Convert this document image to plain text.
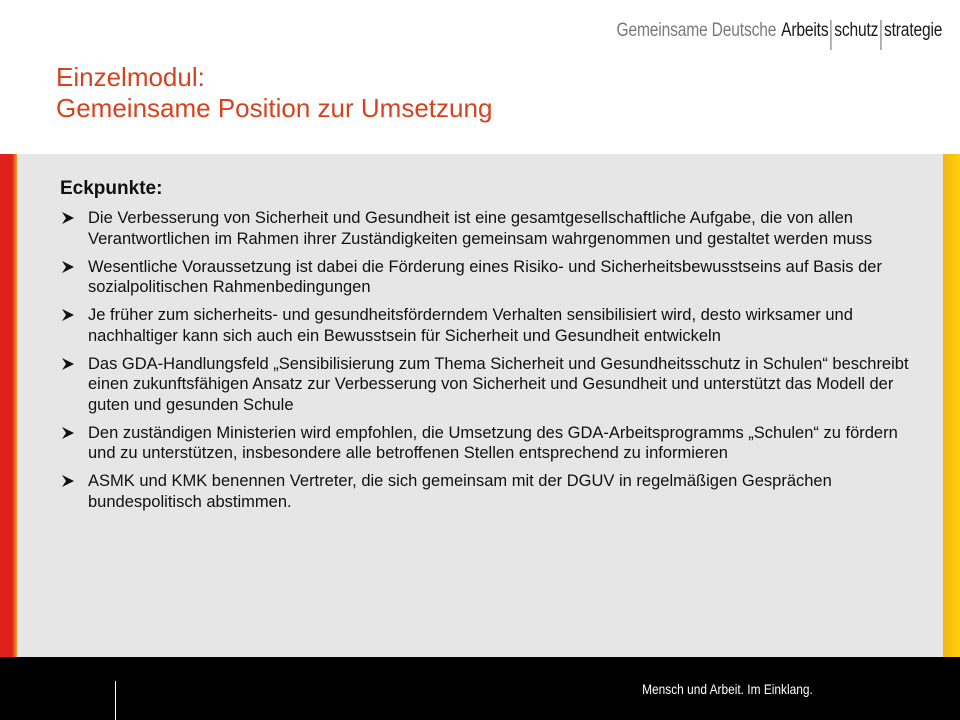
Gemeinsame Deutsche Arbeits schutz strategie
Einzelmodul:
Gemeinsame Position zur Umsetzung
Eckpunkte:
Die Verbesserung von Sicherheit und Gesundheit ist eine gesamtgesellschaftliche Aufgabe, die von allen Verantwortlichen im Rahmen ihrer Zuständigkeiten gemeinsam wahrgenommen und gestaltet werden muss
Wesentliche Voraussetzung ist dabei die Förderung eines Risiko- und Sicherheitsbewusstseins auf Basis der sozialpolitischen Rahmenbedingungen
Je früher zum sicherheits- und gesundheitsförderndem Verhalten sensibilisiert wird, desto wirksamer und nachhaltiger kann sich auch ein Bewusstsein für Sicherheit und Gesundheit entwickeln
Das GDA-Handlungsfeld „Sensibilisierung zum Thema Sicherheit und Gesundheitsschutz in Schulen“ beschreibt einen zukunftsfähigen Ansatz zur Verbesserung von Sicherheit und Gesundheit und unterstützt das Modell der guten und gesunden Schule
Den zuständigen Ministerien wird empfohlen, die Umsetzung des GDA-Arbeitsprogramms „Schulen“ zu fördern und zu unterstützen, insbesondere alle betroffenen Stellen entsprechend zu informieren
ASMK und KMK benennen Vertreter, die sich gemeinsam mit der DGUV in regelmäßigen Gesprächen bundespolitisch abstimmen.
Mensch und Arbeit. Im Einklang.
